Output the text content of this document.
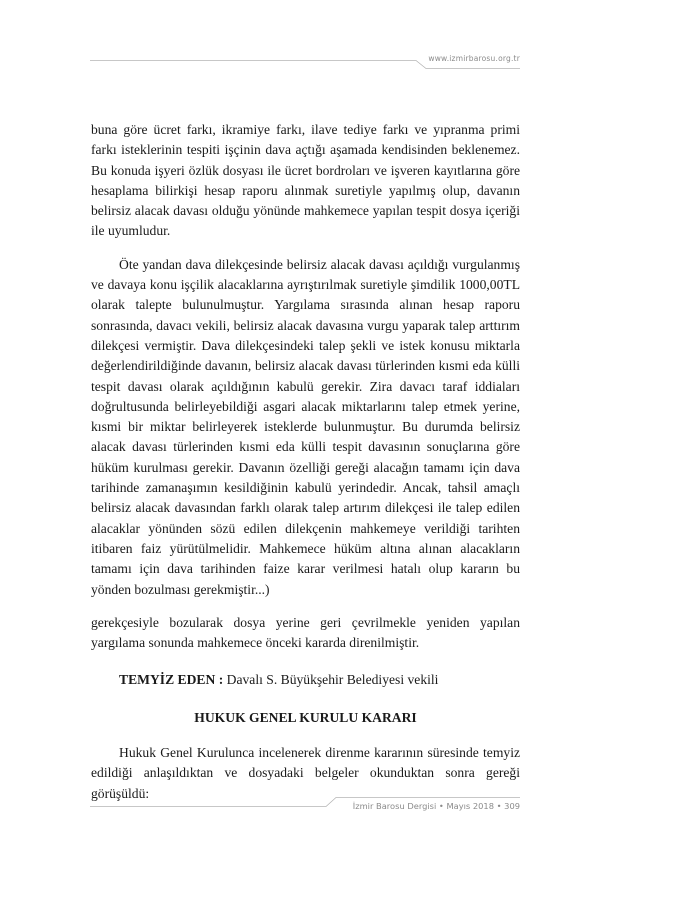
www.izmirbarosu.org.tr

buna göre ücret farkı, ikramiye farkı, ilave tediye farkı ve yıpranma primi farkı isteklerinin tespiti işçinin dava açtığı aşamada kendisinden beklenemez. Bu konuda işyeri özlük dosyası ile ücret bordroları ve işveren kayıtlarına göre hesaplama bilirkişi hesap raporu alınmak suretiyle yapılmış olup, davanın belirsiz alacak davası olduğu yönünde mahkemece yapılan tespit dosya içeriği ile uyumludur.

Öte yandan dava dilekçesinde belirsiz alacak davası açıldığı vurgulanmış ve davaya konu işçilik alacaklarına ayrıştırılmak suretiyle şimdilik 1000,00TL olarak talepte bulunulmuştur. Yargılama sırasında alınan hesap raporu sonrasında, davacı vekili, belirsiz alacak davasına vurgu yaparak talep arttırım dilekçesi vermiştir. Dava dilekçesindeki talep şekli ve istek konusu miktarla değerlendirildiğinde davanın, belirsiz alacak davası türlerinden kısmi eda külli tespit davası olarak açıldığının kabulü gerekir. Zira davacı taraf iddiaları doğrultusunda belirleyebildiği asgari alacak miktarlarını talep etmek yerine, kısmi bir miktar belirleyerek isteklerde bulunmuştur. Bu durumda belirsiz alacak davası türlerinden kısmi eda külli tespit davasının sonuçlarına göre hüküm kurulması gerekir. Davanın özelliği gereği alacağın tamamı için dava tarihinde zamanaşımın kesildiğinin kabulü yerindedir. Ancak, tahsil amaçlı belirsiz alacak davasından farklı olarak talep artırım dilekçesi ile talep edilen alacaklar yönünden sözü edilen dilekçenin mahkemeye verildiği tarihten itibaren faiz yürütülmelidir. Mahkemece hüküm altına alınan alacakların tamamı için dava tarihinden faize karar verilmesi hatalı olup kararın bu yönden bozulması gerekmiştir...)

gerekçesiyle bozularak dosya yerine geri çevrilmekle yeniden yapılan yargılama sonunda mahkemece önceki kararda direnilmiştir.

TEMYİZ EDEN : Davalı S. Büyükşehir Belediyesi vekili

HUKUK GENEL KURULU KARARI

Hukuk Genel Kurulunca incelenerek direnme kararının süresinde temyiz edildiği anlaşıldıktan ve dosyadaki belgeler okunduktan sonra gereği görüşüldü:

İzmir Barosu Dergisi • Mayıs 2018 • 309
